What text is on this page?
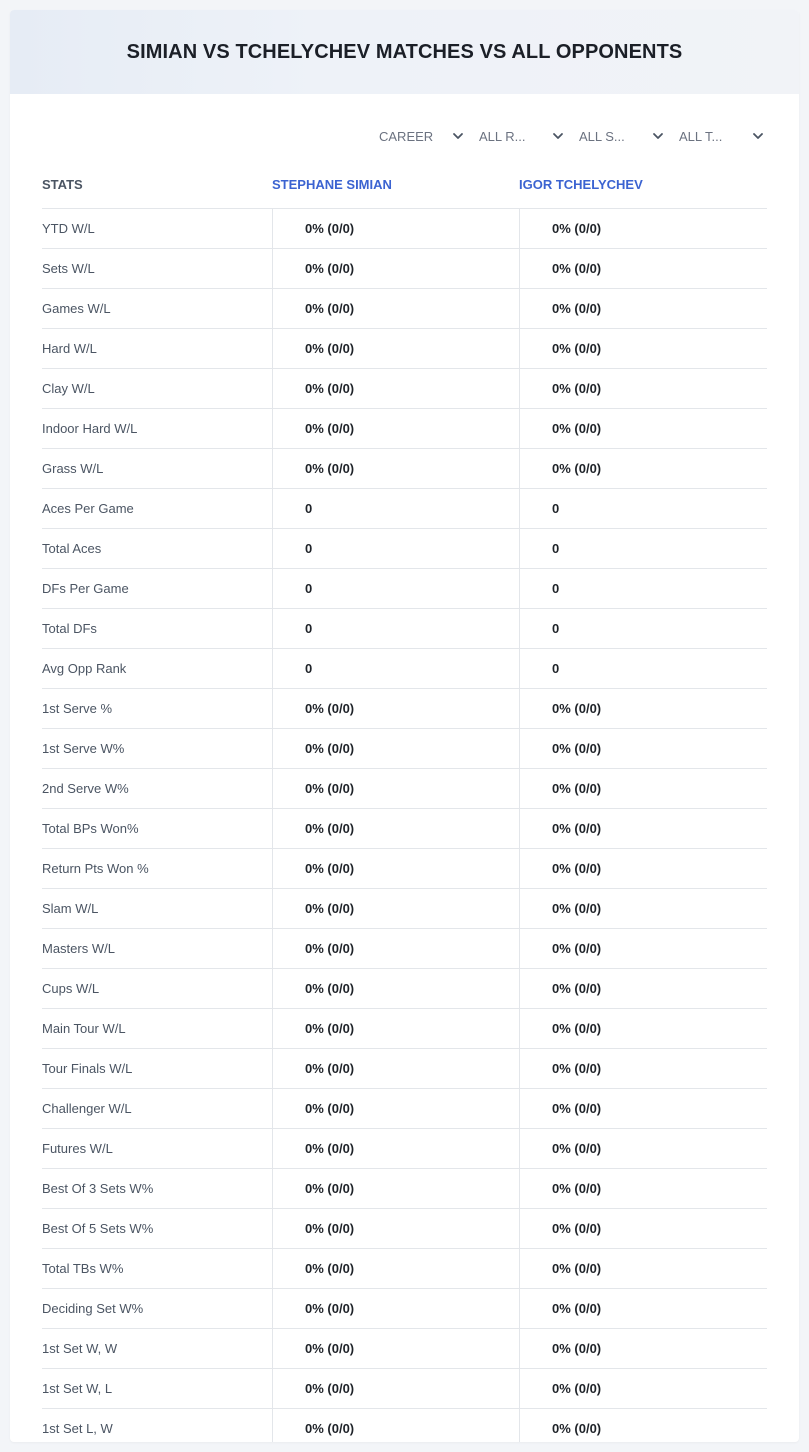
SIMIAN VS TCHELYCHEV MATCHES VS ALL OPPONENTS
CAREER	ALL R...	ALL S...	ALL T...
STATS	STEPHANE SIMIAN	IGOR TCHELYCHEV
YTD W/L	0% (0/0)	0% (0/0)
Sets W/L	0% (0/0)	0% (0/0)
Games W/L	0% (0/0)	0% (0/0)
Hard W/L	0% (0/0)	0% (0/0)
Clay W/L	0% (0/0)	0% (0/0)
Indoor Hard W/L	0% (0/0)	0% (0/0)
Grass W/L	0% (0/0)	0% (0/0)
Aces Per Game	0	0
Total Aces	0	0
DFs Per Game	0	0
Total DFs	0	0
Avg Opp Rank	0	0
1st Serve %	0% (0/0)	0% (0/0)
1st Serve W%	0% (0/0)	0% (0/0)
2nd Serve W%	0% (0/0)	0% (0/0)
Total BPs Won%	0% (0/0)	0% (0/0)
Return Pts Won %	0% (0/0)	0% (0/0)
Slam W/L	0% (0/0)	0% (0/0)
Masters W/L	0% (0/0)	0% (0/0)
Cups W/L	0% (0/0)	0% (0/0)
Main Tour W/L	0% (0/0)	0% (0/0)
Tour Finals W/L	0% (0/0)	0% (0/0)
Challenger W/L	0% (0/0)	0% (0/0)
Futures W/L	0% (0/0)	0% (0/0)
Best Of 3 Sets W%	0% (0/0)	0% (0/0)
Best Of 5 Sets W%	0% (0/0)	0% (0/0)
Total TBs W%	0% (0/0)	0% (0/0)
Deciding Set W%	0% (0/0)	0% (0/0)
1st Set W, W	0% (0/0)	0% (0/0)
1st Set W, L	0% (0/0)	0% (0/0)
1st Set L, W	0% (0/0)	0% (0/0)
